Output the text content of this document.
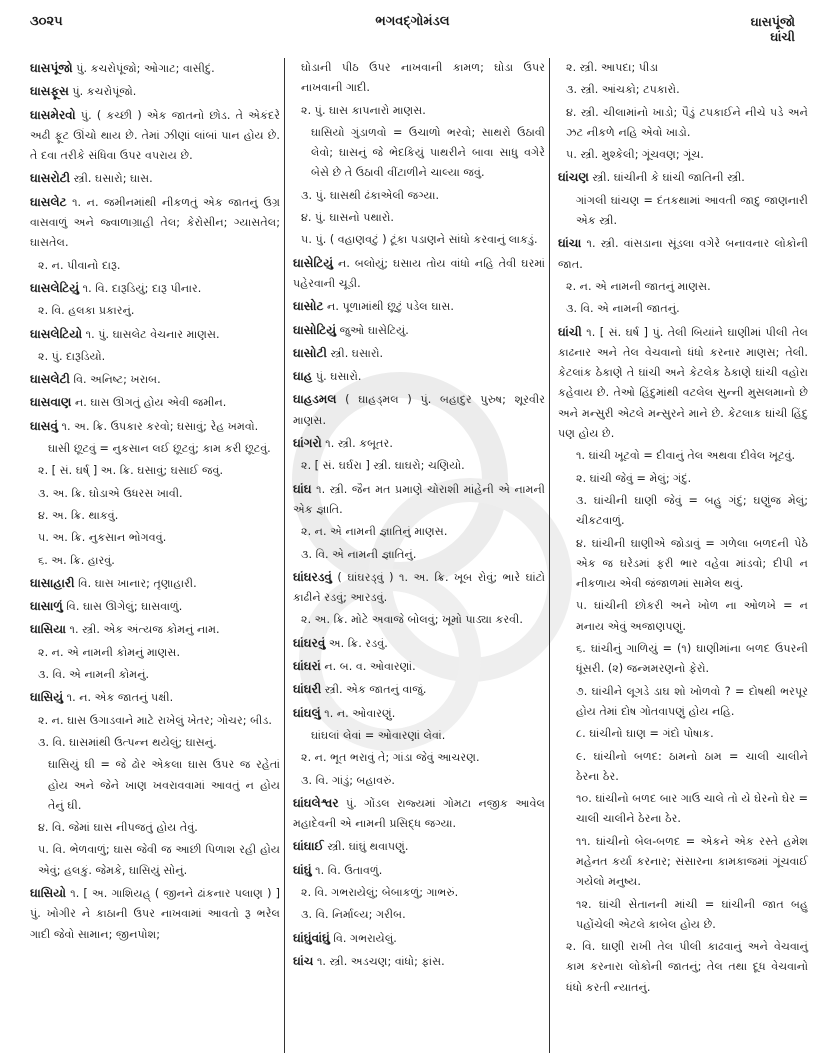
૩૦૨૫	ભગવદ્ગોમંડલ	ઘાસપૂંજો
ઘાંચી
ઘાસપૂંજો પું. કચરોપૂંજો; ઓગાટ; વાસીદું.
ઘાસફૂસ પું. કચરોપૂંજો.
ઘાસમેરવો પું. ( કચ્છી ) એક જાતનો છોડ. તે એકંદરે અઢી ફૂટ ઊંચો થાય છે. તેમાં ઝીણાં લાંબાં પાન હોય છે. તે દવા તરીકે સંધિવા ઉપર વપરાય છે.
ઘાસરોટી સ્ત્રી. ઘસારો; ઘાસ.
ઘાસલેટ ૧. ન. જમીનમાંથી નીકળતું એક જાતનું ઉગ્ર વાસવાળું અને જ્વાળાગ્રાહી તેલ; કેરોસીન; ગ્યાસતેલ; ઘાસતેલ.
૨. ન. પીવાનો દારૂ.
ઘાસલેટિયું ૧. વિ. દારૂડિયું; દારૂ પીનાર.
૨. વિ. હલકા પ્રકારનું.
ઘાસલેટિયો ૧. પું. ઘાસલેટ વેચનાર માણસ.
૨. પું. દારૂડિયો.
ઘાસલેટી વિ. અનિષ્ટ; ખરાબ.
ઘાસવાણ ન. ઘાસ ઊગતું હોય એવી જમીન.
ઘાસવું ૧. અ. ક્રિ. ઉપકાર કરવો; ઘસાવું; રેહ ખમવો.
ઘાસી છૂટવું = નુકસાન લઈ છૂટવું; કામ કરી છૂટવું.
૨. [ સં. ઘર્ષ્ ] અ. ક્રિ. ઘસાવું; ઘસાઈ જવું.
૩. અ. ક્રિ. ઘોડાએ ઉધરસ ખાવી.
૪. અ. ક્રિ. થાકવું.
૫. અ. ક્રિ. નુકસાન ભોગવવું.
૬. અ. ક્રિ. હારવું.
ઘાસાહારી વિ. ઘાસ ખાનાર; તૃણાહારી.
ઘાસાળું વિ. ઘાસ ઊગેલું; ઘાસવાળું.
ઘાસિયા ૧. સ્ત્રી. એક અંત્યજ કોમનું નામ.
૨. ન. એ નામની કોમનું માણસ.
૩. વિ. એ નામની કોમનું.
ઘાસિયું ૧. ન. એક જાતનું પક્ષી.
૨. ન. ઘાસ ઉગાડવાને માટે રાખેલું ખેતર; ગોચર; બીડ.
૩. વિ. ઘાસમાંથી ઉત્પન્ન થયેલું; ઘાસનું.
ઘાસિયું ઘી = જે ઢોર એકલા ઘાસ ઉપર જ રહેતાં હોય અને જેને ખાણ ખવરાવવામાં આવતું ન હોય તેનું ઘી.
૪. વિ. જેમાં ઘાસ નીપજતું હોય તેવું.
૫. વિ. ભેળવાળું; ઘાસ જેવી જ આછી પિળાશ રહી હોય એવું; હલકું. જેમકે, ઘાસિયું સોનું.
ઘાસિયો ૧. [ અ. ગાશિયહ્ ( જીનને ઢાંકનાર પલાણ ) ] પું. ખોગીર ને કાઠાની ઉપર નાખવામાં આવતો રૂ ભરેલ ગાદી જેવો સામાન; જીનપોશ;
ઘોડાની પીઠ ઉપર નાખવાની કામળ; ઘોડા ઉપર નાખવાની ગાદી.
૨. પું. ઘાસ કાપનારો માણસ.
ઘાસિયો ગુંડાળવો = ઉચાળો ભરવો; સાથરો ઉઠાવી લેવો; ઘાસનું જે ભેદકિયું પાથરીને બાવા સાધુ વગેરે બેસે છે તે ઉઠાવી વીંટાળીને ચાલ્યા જવું.
૩. પું. ઘાસથી ઢંકાએલી જગ્યા.
૪. પું. ઘાસનો પથારો.
૫. પું. ( વહાણવટું ) ટૂંકા પડાણને સાંધો કરવાનું લાકડું.
ઘાસેટિયું ન. બલોયું; ઘસાય તોય વાંધો નહિ તેવી ઘરમાં પહેરવાની ચૂડી.
ઘાસોટ ન. પૂળામાંથી છૂટું પડેલ ઘાસ.
ઘાસોટિયું જુઓ ઘાસેટિયું.
ઘાસોટી સ્ત્રી. ઘસારો.
ઘાહ પું. ઘસારો.
ઘાહડમલ ( ઘાહડ્મલ ) પું. બહાદુર પુરુષ; શૂરવીર માણસ.
ઘાંગરો ૧. સ્ત્રી. કબૂતર.
૨. [ સં. ઘર્ઘરા ] સ્ત્રી. ઘાઘરો; ચણિયો.
ઘાંઘ ૧. સ્ત્રી. જૈન મત પ્રમાણે ચોરાશી માંહેની એ નામની એક જ્ઞાતિ.
૨. ન. એ નામની જ્ઞાતિનું માણસ.
૩. વિ. એ નામની જ્ઞાતિનું.
ઘાંઘરડવું ( ઘાંઘરડ્વું ) ૧. અ. ક્રિ. ખૂબ રોવું; ભારે ઘાંટો કાઢીને રડવું; આરડવું.
૨. અ. ક્રિ. મોટે અવાજે બોલવું; ખૂમો પાડ્યા કરવી.
ઘાંઘરવું અ. ક્રિ. રડવું.
ઘાંઘરાં ન. બ. વ. ઓવારણાં.
ઘાંઘરી સ્ત્રી. એક જાતનું વાજું.
ઘાંઘલું ૧. ન. ઓવારણું.
ઘાંઘલાં લેવાં = ઓવારણાં લેવાં.
૨. ન. ભૂત ભરાવું તે; ગાંડા જેવું આચરણ.
૩. વિ. ગાંડું; બહાવરું.
ઘાંઘલેશ્વર પું. ગોંડલ રાજ્યમાં ગોમટા નજીક આવેલ મહાદેવની એ નામની પ્રસિદ્ધ જગ્યા.
ઘાંઘાઈ સ્ત્રી. ઘાંઘું થવાપણું.
ઘાંઘું ૧. વિ. ઉતાવળું.
૨. વિ. ગભરાયેલું; બેબાકળું; ગાભરું.
૩. વિ. નિર્માલ્ય; ગરીબ.
ઘાંઘુંવાંઘું વિ. ગભરાયેલું.
ઘાંચ ૧. સ્ત્રી. અડચણ; વાંધો; ફાંસ.
૨. સ્ત્રી. આપદા; પીડા
૩. સ્ત્રી. આંચકો; ટપકારો.
૪. સ્ત્રી. ચીલામાંનો ખાડો; પૈડું ટપકાઈને નીચે પડે અને ઝટ નીકળે નહિ એવો ખાડો.
૫. સ્ત્રી. મુશ્કેલી; ગૂંચવણ; ગૂંચ.
ઘાંચણ સ્ત્રી. ઘાંચીની કે ઘાંચી જાતિની સ્ત્રી.
ગાંગલી ઘાંચણ = દંતકથામાં આવતી જાદુ જાણનારી એક સ્ત્રી.
ઘાંચા ૧. સ્ત્રી. વાંસડાના સૂંડલા વગેરે બનાવનાર લોકોની જાત.
૨. ન. એ નામની જાતનું માણસ.
૩. વિ. એ નામની જાતનું.
ઘાંચી ૧. [ સં. ઘર્ષ ] પું. તેલી બિયાંને ઘાણીમાં પીલી તેલ કાઢનાર અને તેલ વેચવાનો ધંધો કરનાર માણસ; તેલી. કેટલાંક ઠેકાણે તે ઘાંચી અને કેટલેક ઠેકાણે ઘાંચી વહોરા કહેવાય છે. તેઓ હિંદુમાંથી વટલેલ સુન્ની મુસલમાનો છે અને મન્સુરી એટલે મન્સુરને માને છે. કેટલાક ઘાંચી હિંદુ પણ હોય છે.
૧. ઘાંચી ખૂટવો = દીવાનું તેલ અથવા દીવેલ ખૂટવું.
૨. ઘાંચી જેવું = મેલું; ગંદું.
૩. ઘાંચીની ઘાણી જેવું = બહુ ગંદું; ઘણુંજ મેલું; ચીકટવાળું.
૪. ઘાંચીની ઘાણીએ જોડાવું = ગળેલા બળદની પેઠે એક જ ઘરેડમાં ફરી ભાર વહેવા માંડવો; દીપી ન નીકળાય એવી જંજાળમાં સામેલ થવું.
૫. ઘાંચીની છોકરી અને ખોળ ના ઓળખે = ન મનાય એવું અજાણપણું.
૬. ઘાંચીનું ગાળિયું = (૧) ઘાણીમાંના બળદ ઉપરની ધૂંસરી. (૨) જન્મમરણનો ફેરો.
૭. ઘાંચીને લૂગડે ડાઘ શો ખોળવો ? = દોષથી ભરપૂર હોય તેમાં દોષ ગોતવાપણું હોય નહિ.
૮. ઘાંચીનો ઘાણ = ગંદો પોષાક.
૯. ઘાંચીનો બળદ: ઠામનો ઠામ = ચાલી ચાલીને ઠેરના ઠેર.
૧૦. ઘાંચીનો બળદ બાર ગાઉ ચાલે તો યે ઘેરનો ઘેર = ચાલી ચાલીને ઠેરના ઠેર.
૧૧. ઘાંચીનો બેલ-બળદ = એકને એક રસ્તે હમેશ મહેનત કર્યા કરનાર; સંસારના કામકાજમાં ગૂંચવાઈ ગયેલો મનુષ્ય.
૧૨. ઘાંચી સેતાનની માંચી = ઘાંચીની જાત બહુ પહોંચેલી એટલે કાબેલ હોય છે.
૨. વિ. ઘાણી રાખી તેલ પીલી કાઢવાનું અને વેચવાનું કામ કરનારા લોકોની જાતનું; તેલ તથા દૂધ વેચવાનો ધંધો કરતી ન્યાતનું.
